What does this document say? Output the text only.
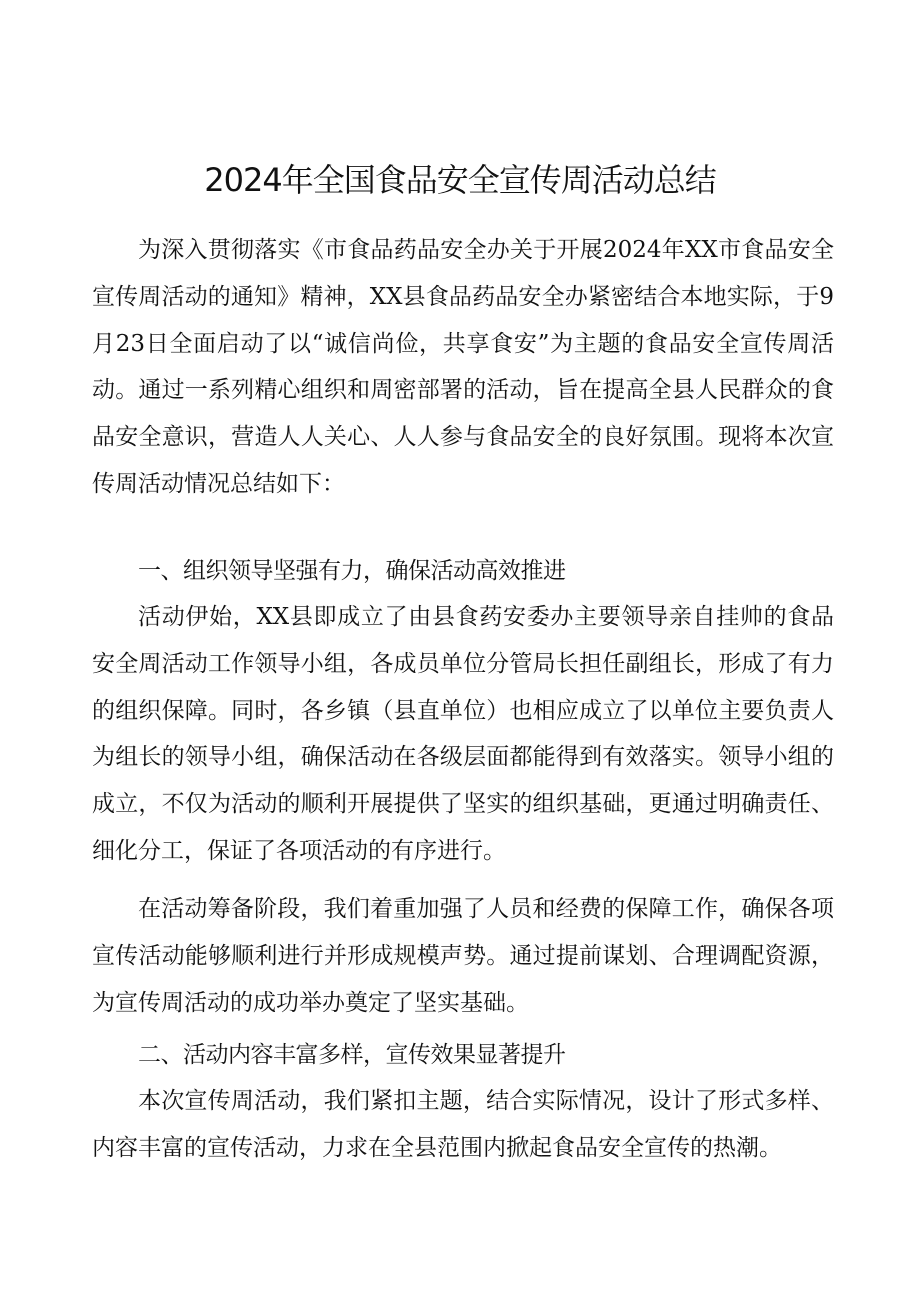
2024年全国食品安全宣传周活动总结

为深入贯彻落实《市食品药品安全办关于开展2024年XX市食品安全宣传周活动的通知》精神，XX县食品药品安全办紧密结合本地实际，于9月23日全面启动了以“诚信尚俭，共享食安”为主题的食品安全宣传周活动。通过一系列精心组织和周密部署的活动，旨在提高全县人民群众的食品安全意识，营造人人关心、人人参与食品安全的良好氛围。现将本次宣传周活动情况总结如下：

一、组织领导坚强有力，确保活动高效推进

活动伊始，XX县即成立了由县食药安委办主要领导亲自挂帅的食品安全周活动工作领导小组，各成员单位分管局长担任副组长，形成了有力的组织保障。同时，各乡镇（县直单位）也相应成立了以单位主要负责人为组长的领导小组，确保活动在各级层面都能得到有效落实。领导小组的成立，不仅为活动的顺利开展提供了坚实的组织基础，更通过明确责任、细化分工，保证了各项活动的有序进行。

在活动筹备阶段，我们着重加强了人员和经费的保障工作，确保各项宣传活动能够顺利进行并形成规模声势。通过提前谋划、合理调配资源，为宣传周活动的成功举办奠定了坚实基础。

二、活动内容丰富多样，宣传效果显著提升

本次宣传周活动，我们紧扣主题，结合实际情况，设计了形式多样、内容丰富的宣传活动，力求在全县范围内掀起食品安全宣传的热潮。
